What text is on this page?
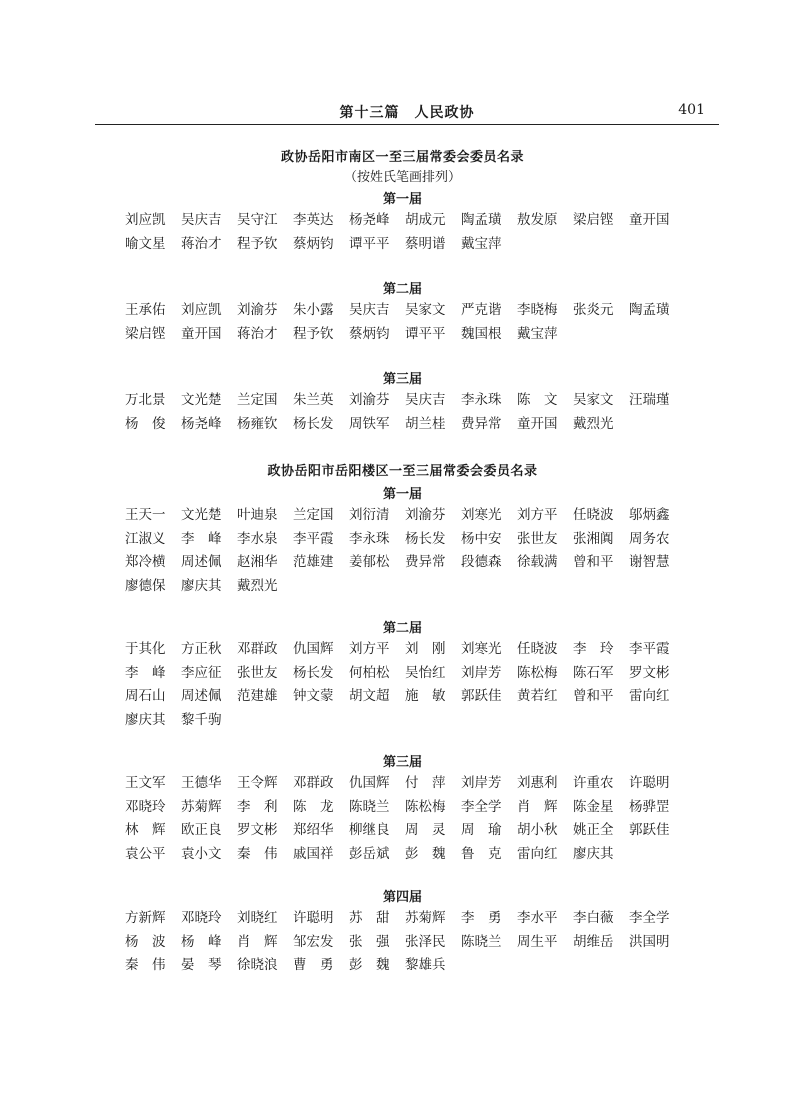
第十三篇　人民政协	401
政协岳阳市南区一至三届常委会委员名录
（按姓氏笔画排列）
第一届
刘应凯	吴庆吉	吴守江	李英达	杨尧峰	胡成元	陶孟璜	敖发原	梁启铿	童开国
喻文星	蒋治才	程予钦	蔡炳钧	谭平平	蔡明谱	戴宝萍
第二届
王承佑	刘应凯	刘渝芬	朱小露	吴庆吉	吴家文	严克谐	李晓梅	张炎元	陶孟璜
梁启铿	童开国	蒋治才	程予钦	蔡炳钧	谭平平	魏国根	戴宝萍
第三届
万北景	文光楚	兰定国	朱兰英	刘渝芬	吴庆吉	李永珠	陈　文	吴家文	汪瑞瑾
杨　俊	杨尧峰	杨雍钦	杨长发	周铁军	胡兰桂	费异常	童开国	戴烈光
政协岳阳市岳阳楼区一至三届常委会委员名录
第一届
王天一	文光楚	叶迪泉	兰定国	刘衍清	刘渝芬	刘寒光	刘方平	任晓波	邬炳鑫
江淑义	李　峰	李水泉	李平霞	李永珠	杨长发	杨中安	张世友	张湘阗	周务农
郑冷横	周述佩	赵湘华	范雄建	姜郁松	费异常	段德森	徐载满	曾和平	谢智慧
廖德保	廖庆其	戴烈光
第二届
于其化	方正秋	邓群政	仇国辉	刘方平	刘　刚	刘寒光	任晓波	李　玲	李平霞
李　峰	李应征	张世友	杨长发	何柏松	吴怡红	刘岸芳	陈松梅	陈石军	罗文彬
周石山	周述佩	范建雄	钟文蒙	胡文超	施　敏	郭跃佳	黄若红	曾和平	雷向红
廖庆其	黎千驹
第三届
王文军	王德华	王令辉	邓群政	仇国辉	付　萍	刘岸芳	刘惠利	许重农	许聪明
邓晓玲	苏菊辉	李　利	陈　龙	陈晓兰	陈松梅	李全学	肖　辉	陈金星	杨骅罡
林　辉	欧正良	罗文彬	郑绍华	柳继良	周　灵	周　瑜	胡小秋	姚正全	郭跃佳
袁公平	袁小文	秦　伟	戚国祥	彭岳斌	彭　魏	鲁　克	雷向红	廖庆其
第四届
方新辉	邓晓玲	刘晓红	许聪明	苏　甜	苏菊辉	李　勇	李水平	李白薇	李全学
杨　波	杨　峰	肖　辉	邹宏发	张　强	张泽民	陈晓兰	周生平	胡维岳	洪国明
秦　伟	晏　琴	徐晓浪	曹　勇	彭　魏	黎雄兵
